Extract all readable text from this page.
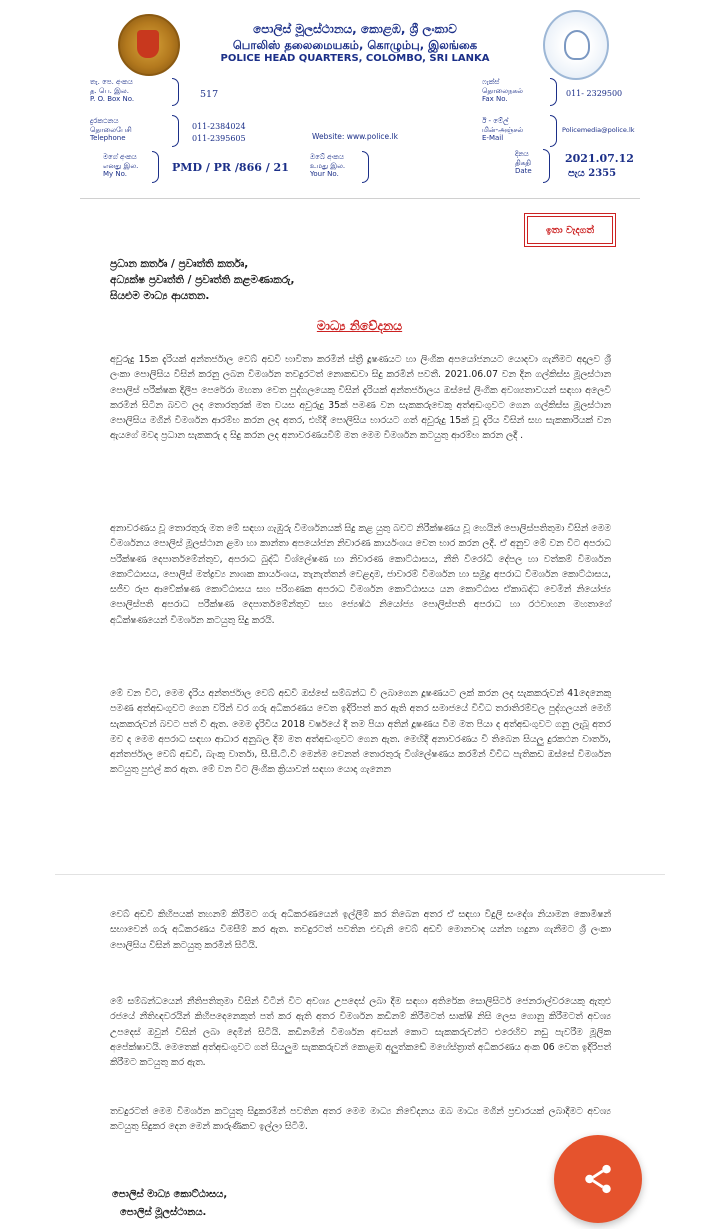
පොලිස් මූලස්ථානය, කොළඹ, ශ්‍රී ලංකාව
பொலிஸ் தலைமையகம், கொழும்பு, இலங்கை
POLICE HEAD QUARTERS, COLOMBO, SRI LANKA
තැ. පෙ. අංකය
த. பெ. இல.
P. O. Box No.	517
ෆැක්ස්
தொலைநகல்
Fax No.
011- 2329500
දුරකථනය
தொலைபேசி
Telephone
011-2384024
011-2395605	Website: www.police.lk
ඊ - මේල්
மின்-அஞ்சல்
E-Mail
Policemedia@police.lk
මගේ අංකය
எனது இல.
My No.	PMD / PR /866 / 21
ඔබේ අංකය
உமது இல.
Your No.
දිනය
திகதி
Date
2021.07.12
පැය 2355
ඉතා වැදගත්
ප්‍රධාන කර්තෘ / ප්‍රවෘත්ති කර්තෘ,
අධ්‍යක්ෂ ප්‍රවෘත්ති / ප්‍රවෘත්ති කළමණාකරු,
සියළුම මාධ්‍ය ආයතන.
මාධ්‍ය නිවේදනය
අවුරුදු 15ක දැරියක් අන්තර්ජාල වෙබ් අඩවි භාවිතා කරමින් ස්ත්‍රී දූෂණයට හා ලිංගික අපයෝජනයට යොදවා ගැනීමට අදාලව ශ්‍රී ලංකා පොලිසිය විසින් කරනු ලබන විමර්ශන තවදුරටත් නොකඩවා සිදු කරමින් පවතී. 2021.06.07 වන දින ගල්කිස්ස මූලස්ථාන පොලිස් පරීක්ෂක දිලීප පෙරේරා මහතා වෙත පුද්ගලයෙකු විසින් දැරියක් අන්තර්ජාලය ඔස්සේ ලිංගික අවශ්‍යතාවයන් සඳහා අලෙවි කරමින් සිටින බවට ලද තොරතුරක් මත වයස අවුරුදු 35ක් පමණ වන සැකකරුවෙකු අත්අඩංගුවට ගෙන ගල්කිස්ස මූලස්ථාන පොලිසිය මගින් විමර්ශන ආරම්භ කරන ලද අතර, එහිදී පොලිසිය භාරයට ගත් අවුරුදු 15ක් වූ දැරිය විසින් සහ සැකකාරියක් වන ඇයගේ මවද ප්‍රධාන සැකකරු ද සිදු කරන ලද අනාවරණයවීම් මත මෙම විමර්ශන කටයුතු ආරම්භ කරන ලදී .
අනාවරණය වූ තොරතුරු මත මේ සඳහා ගැඹුරු විමර්ශනයක් සිදු කළ යුතු බවට නිරීක්ෂණය වූ හෙයින් පොලිස්පතිතුමා විසින් මෙම විමර්ශනය පොලිස් මූලස්ථාන ළමා හා කාන්තා අපයෝජන නිවාරණ කාර්යංශය වෙත භාර කරන ලදී. ඒ අනුව මේ වන විට අපරාධ පරීක්ෂණ දෙපාර්තමේන්තුව, අපරාධ බුද්ධි විශ්ලේෂණ හා නිවාරණ කොට්ඨාසය, නීති විරෝධී දේපල හා වත්කම් විමර්ශන කොට්ඨාසය, පොලිස් මත්ද්‍රව්‍ය නාශක කාර්යංශය, තැනැත්තන් වෙළදාම, ජාවාරම් විමර්ශන හා සමුද්‍ර අපරාධ විමර්ශන කොට්ඨාසය, සජීව රූප ආවේක්ෂණ කොට්ඨාසය සහ පරිගණක අපරාධ විමර්ශන කොට්ඨාසය යන කොට්ඨාස ඒකාබද්ධ වෙමින් නියෝජ්‍ය පොලිස්පති අපරාධ පරීක්ෂණ දෙපාර්තමේන්තුව සහ ජ්‍යෙෂ්ඨ නියෝජ්‍ය පොලිස්පති අපරාධ හා රථවාහන මහතාගේ අධීක්ෂණයෙන් විමර්ශන කටයුතු සිදු කරයි.
මේ වන විට, මෙම දැරිය අන්තර්ජාල වෙබ් අඩවි ඔස්සේ සම්බන්ධ වී ලබාගෙන දූෂණයට ලක් කරන ලද සැකකරුවන් 41දෙනෙකු පමණ අත්අඩංගුවට ගෙන වරින් වර ගරු අධිකරණය වෙත ඉදිරිපත් කර ඇති අතර සමාජයේ විවිධ තරාතිරම්වල පුද්ගලයන් මෙහි සැකකරුවන් බවට පත් වී ඇත. මෙම දැරිවිය 2018 වර්ෂයේ දී තම පියා අතින් දූෂණය වීම මත පියා ද අත්අඩංගුවට ගනු ලැබූ අතර මව ද මෙම අපරාධ සඳහා ආධාර අනුබල දීම මත අත්අඩංගුවට ගෙන ඇත. මෙහිදී අනාවරණය වී තිබෙන සියලු දුරකථන වාර්තා, අන්තර්ජාල වෙබ් අඩවි, බැංකු වාර්තා, සී.සී.ටී.වී මෙන්ම වෙනත් තොරතුරු විශ්ලේෂණය කරමින් විවිධ පැතිකඩ ඔස්සේ විමර්ශන කටයුතු පුළුල් කර ඇත. මේ වන විට ලිංගික ක්‍රියාවන් සඳහා යොදා ගැනෙන
වෙබ් අඩවි කිහිපයක් තහනම් කිරීමට ගරු අධිකරණයෙන් ඉල්ලීම් කර තිබෙන අතර ඒ සඳහා විදුලි සංදේශ නියාමන කොමිෂන් සභාවෙන් ගරු අධිකරණය විමසීම් කර ඇත. තවදුරටත් පවතින එවැනි වෙබ් අඩවි මොනවාද යන්න හදුනා ගැනීමට ශ්‍රී ලංකා පොලිසිය විසින් කටයුතු කරමින් සිටියි.
මේ සම්බන්ධයෙන් නීතිපතිතුමා විසින් විටින් විට අවශ්‍ය උපදෙස් ලබා දීම සඳහා අතිරේක සොලිසිටර් ජෙනරාල්වරයෙකු ඇතුළු රජයේ නීතිඥවරයින් කිහිපදෙනෙකුත් පත් කර ඇති අතර විමර්ශන කඩිනම් කිරීමටත් සාක්ෂි නිසි ලෙස ගොනු කිරීමටත් අවශ්‍ය උපදෙස් ඔවුන් විසින් ලබා දෙමින් සිටියි. කඩිනමින් විමර්ශන අවසන් කොට සැකකරුවන්ට එරෙහිව නඩු පැවරීම මූලික අපේක්ෂාවයි. මෙතෙක් අත්අඩංගුවට ගත් සියලුම සැකකරුවන් කොළඹ අලුත්කඩේ මහේස්ත්‍රාත් අධිකරණය අංක 06 වෙත ඉදිරිපත් කිරීමට කටයුතු කර ඇත.
තවදුරටත් මෙම විමර්ශන කටයුතු සිදුකරමින් පවතින අතර මෙම මාධ්‍ය නිවේදනය ඔබ මාධ්‍ය මගින් ප්‍රචාරයක් ලබාදීමට අවශ්‍ය කටයුතු සිදුකර දෙන මෙන් කාරුණිකව ඉල්ලා සිටිමි.
පොලිස් මාධ්‍ය කොට්ඨාසය,
පොලිස් මූලස්ථානය.
